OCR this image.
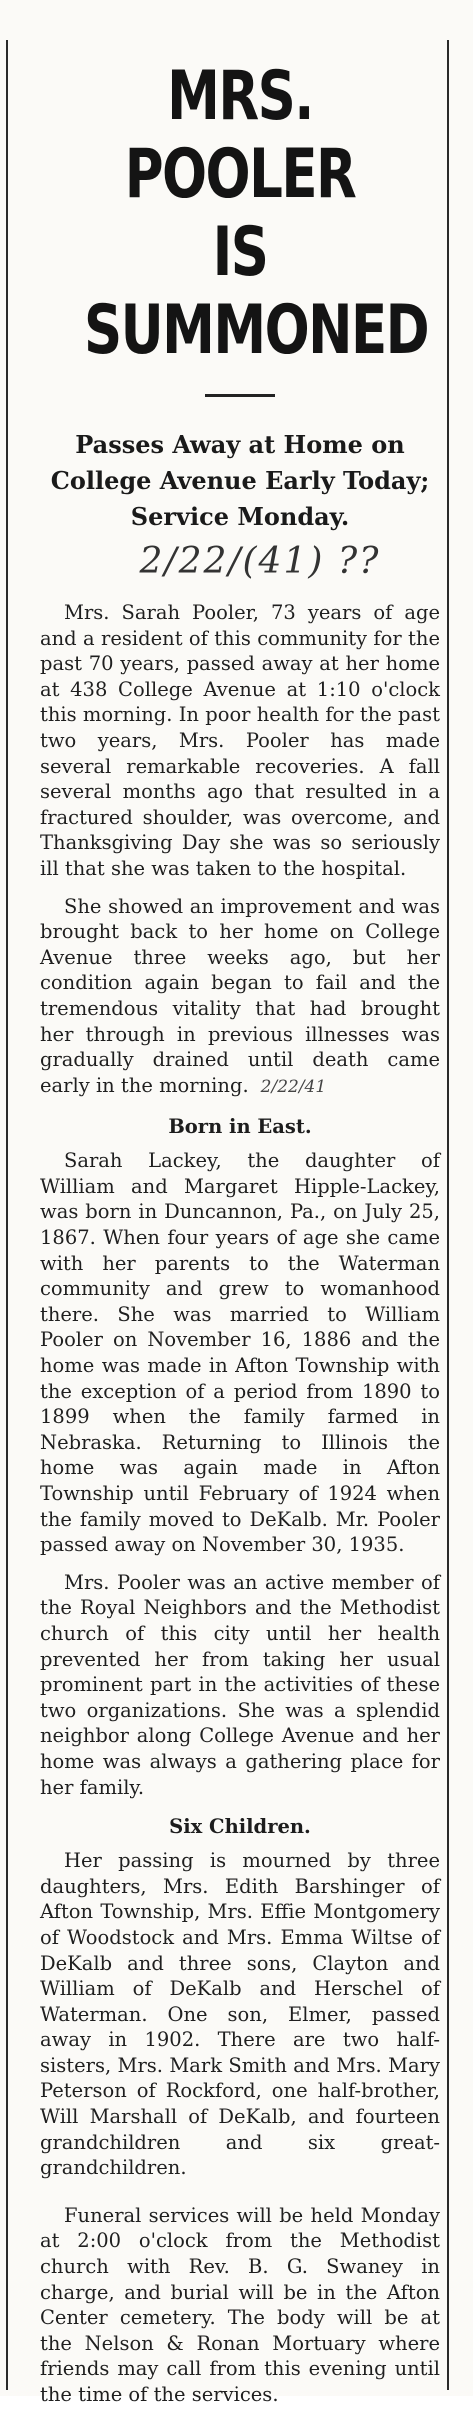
MRS. POOLER
IS SUMMONED
Passes Away at Home on College Avenue Early Today; Service Monday.
2/22/(41) ??

Mrs. Sarah Pooler, 73 years of age and a resident of this community for the past 70 years, passed away at her home at 438 College Avenue at 1:10 o'clock this morning. In poor health for the past two years, Mrs. Pooler has made several remarkable recoveries. A fall several months ago that resulted in a fractured shoulder, was overcome, and Thanksgiving Day she was so seriously ill that she was taken to the hospital.

She showed an improvement and was brought back to her home on College Avenue three weeks ago, but her condition again began to fail and the tremendous vitality that had brought her through in previous illnesses was gradually drained until death came early in the morning. 2/22/41

Born in East.

Sarah Lackey, the daughter of William and Margaret Hipple-Lackey, was born in Duncannon, Pa., on July 25, 1867. When four years of age she came with her parents to the Waterman community and grew to womanhood there. She was married to William Pooler on November 16, 1886 and the home was made in Afton Township with the exception of a period from 1890 to 1899 when the family farmed in Nebraska. Returning to Illinois the home was again made in Afton Township until February of 1924 when the family moved to DeKalb. Mr. Pooler passed away on November 30, 1935.

Mrs. Pooler was an active member of the Royal Neighbors and the Methodist church of this city until her health prevented her from taking her usual prominent part in the activities of these two organizations. She was a splendid neighbor along College Avenue and her home was always a gathering place for her family.

Six Children.

Her passing is mourned by three daughters, Mrs. Edith Barshinger of Afton Township, Mrs. Effie Montgomery of Woodstock and Mrs. Emma Wiltse of DeKalb and three sons, Clayton and William of DeKalb and Herschel of Waterman. One son, Elmer, passed away in 1902. There are two half-sisters, Mrs. Mark Smith and Mrs. Mary Peterson of Rockford, one half-brother, Will Marshall of DeKalb, and fourteen grandchildren and six great-grandchildren.

Funeral services will be held Monday at 2:00 o'clock from the Methodist church with Rev. B. G. Swaney in charge, and burial will be in the Afton Center cemetery. The body will be at the Nelson & Ronan Mortuary where friends may call from this evening until the time of the services.
